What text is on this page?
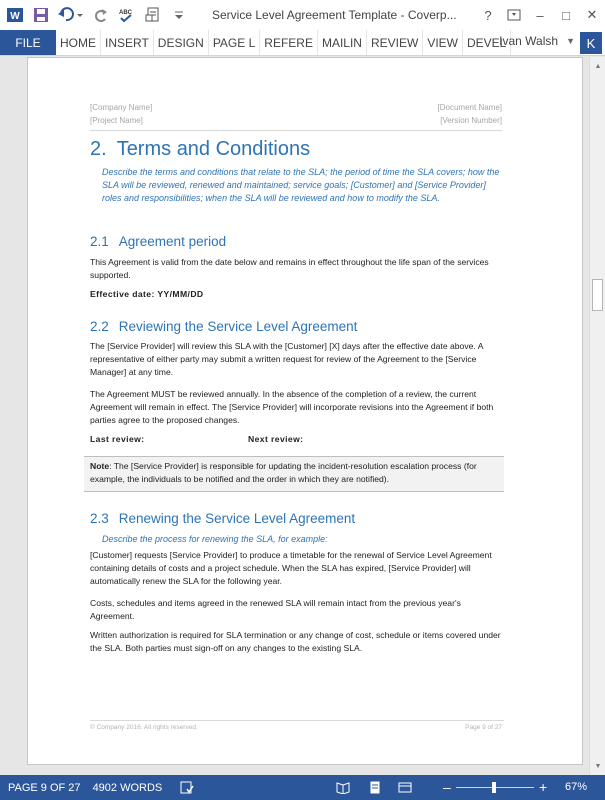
W	ABC	Service Level Agreement Template - Coverp...	?	–	□	✕
FILE	HOME INSERT DESIGN PAGE L REFERE MAILIN REVIEW VIEW DEVEL
Ivan Walsh ▼ K
[Company Name]	[Document Name]
[Project Name]	[Version Number]
2. Terms and Conditions
Describe the terms and conditions that relate to the SLA; the period of time the SLA covers; how the SLA will be reviewed, renewed and maintained; service goals; [Customer] and [Service Provider] roles and responsibilities; when the SLA will be reviewed and how to modify the SLA.
2.1 Agreement period
This Agreement is valid from the date below and remains in effect throughout the life span of the services supported.
Effective date: YY/MM/DD
2.2 Reviewing the Service Level Agreement
The [Service Provider] will review this SLA with the [Customer] [X] days after the effective date above. A representative of either party may submit a written request for review of the Agreement to the [Service Manager] at any time.
The Agreement MUST be reviewed annually. In the absence of the completion of a review, the current Agreement will remain in effect. The [Service Provider] will incorporate revisions into the Agreement if both parties agree to the proposed changes.
Last review:	Next review:
Note: The [Service Provider] is responsible for updating the incident-resolution escalation process (for example, the individuals to be notified and the order in which they are notified).
2.3 Renewing the Service Level Agreement
Describe the process for renewing the SLA, for example:
[Customer] requests [Service Provider] to produce a timetable for the renewal of Service Level Agreement containing details of costs and a project schedule. When the SLA has expired, [Service Provider] will automatically renew the SLA for the following year.
Costs, schedules and items agreed in the renewed SLA will remain intact from the previous year's Agreement.
Written authorization is required for SLA termination or any change of cost, schedule or items covered under the SLA. Both parties must sign-off on any changes to the existing SLA.
© Company 2016. All rights reserved.	Page 9 of 27
▲
▼
PAGE 9 OF 27	4902 WORDS	–	+ 67%
